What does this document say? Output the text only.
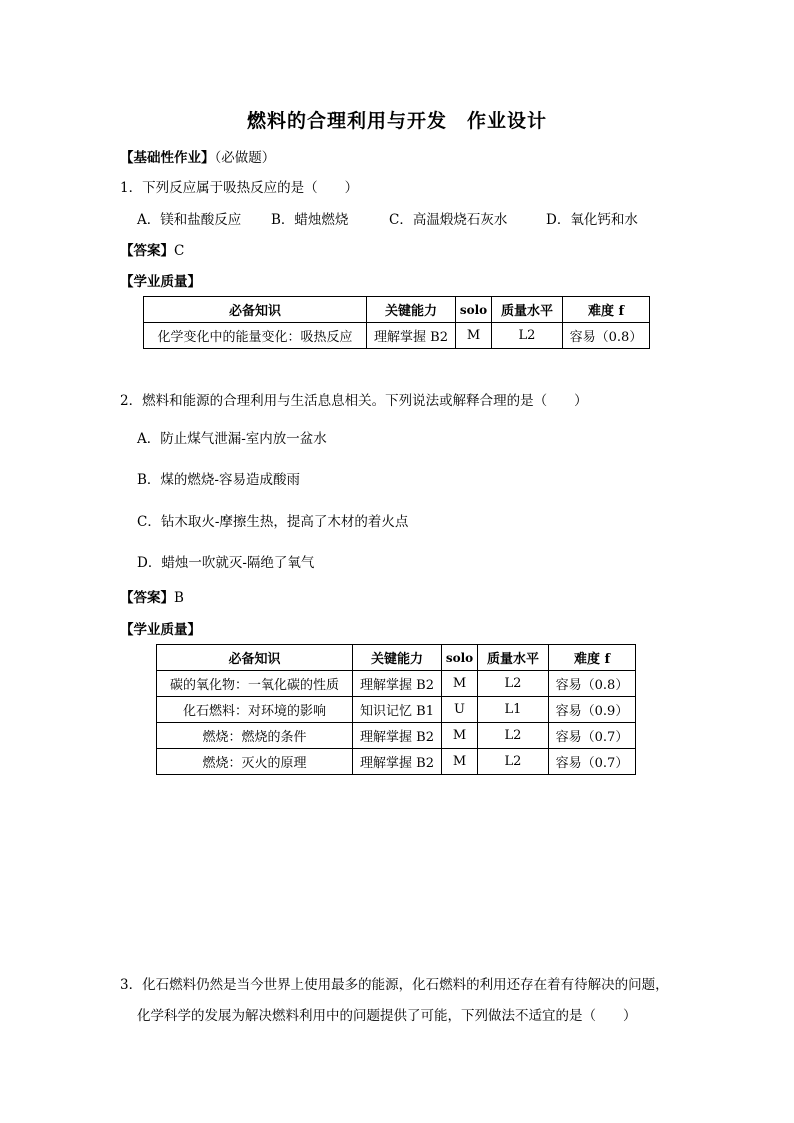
燃料的合理利用与开发　作业设计
【基础性作业】（必做题）
1．下列反应属于吸热反应的是（　　）
A．镁和盐酸反应 B．蜡烛燃烧	C．高温煅烧石灰水	D．氧化钙和水
【答案】C
【学业质量】
必备知识	关键能力	solo	质量水平	难度 f
化学变化中的能量变化：吸热反应	理解掌握 B2	M	L2	容易（0.8）
2．燃料和能源的合理利用与生活息息相关。下列说法或解释合理的是（　　）
A．防止煤气泄漏-室内放一盆水
B．煤的燃烧-容易造成酸雨
C．钻木取火-摩擦生热，提高了木材的着火点
D．蜡烛一吹就灭-隔绝了氧气
【答案】B
【学业质量】
必备知识	关键能力	solo	质量水平	难度 f
碳的氧化物：一氧化碳的性质	理解掌握 B2	M	L2	容易（0.8）
化石燃料：对环境的影响	知识记忆 B1	U	L1	容易（0.9）
燃烧：燃烧的条件	理解掌握 B2	M	L2	容易（0.7）
燃烧：灭火的原理	理解掌握 B2	M	L2	容易（0.7）
3．化石燃料仍然是当今世界上使用最多的能源，化石燃料的利用还存在着有待解决的问题，
化学科学的发展为解决燃料利用中的问题提供了可能，下列做法不适宜的是（　　）
